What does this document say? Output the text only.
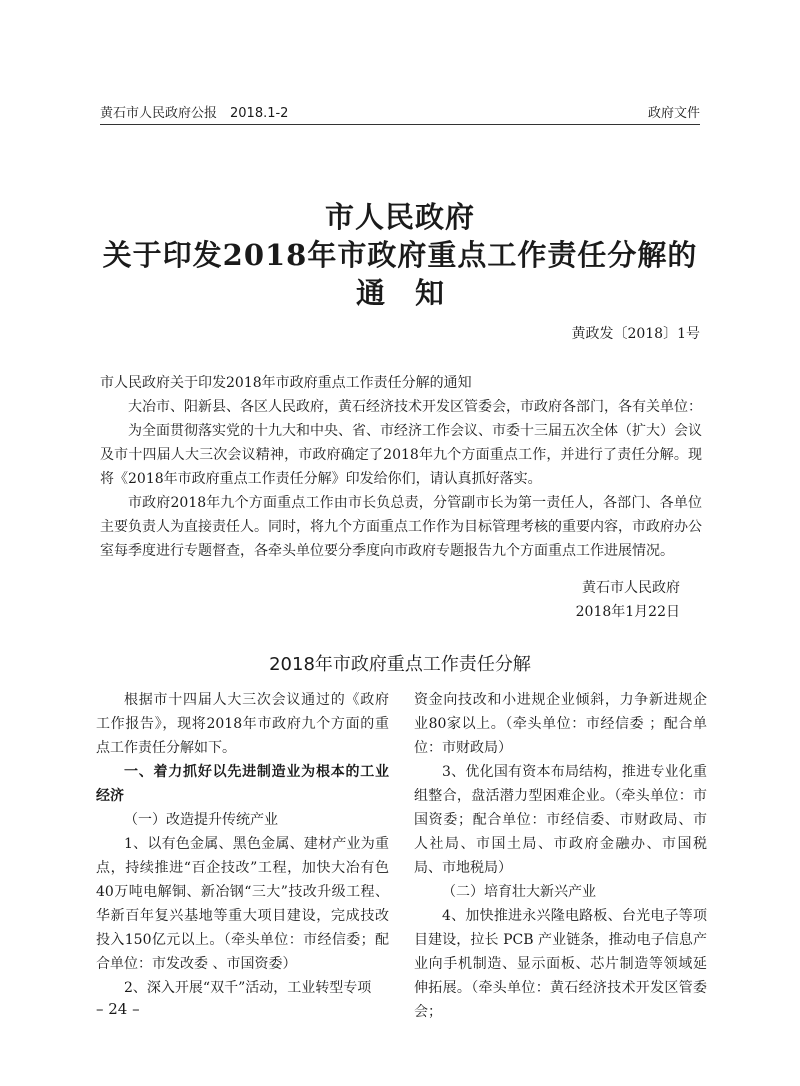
黄石市人民政府公报　2018.1-2	政府文件
市人民政府
关于印发2018年市政府重点工作责任分解的
通知
黄政发〔2018〕1号

市人民政府关于印发2018年市政府重点工作责任分解的通知

大冶市、阳新县、各区人民政府，黄石经济技术开发区管委会，市政府各部门，各有关单位：

为全面贯彻落实党的十九大和中央、省、市经济工作会议、市委十三届五次全体（扩大）会议及市十四届人大三次会议精神，市政府确定了2018年九个方面重点工作，并进行了责任分解。现将《2018年市政府重点工作责任分解》印发给你们，请认真抓好落实。

市政府2018年九个方面重点工作由市长负总责，分管副市长为第一责任人，各部门、各单位主要负责人为直接责任人。同时，将九个方面重点工作作为目标管理考核的重要内容，市政府办公室每季度进行专题督查，各牵头单位要分季度向市政府专题报告九个方面重点工作进展情况。

黄石市人民政府
2018年1月22日
2018年市政府重点工作责任分解

根据市十四届人大三次会议通过的《政府工作报告》，现将2018年市政府九个方面的重点工作责任分解如下。

一、着力抓好以先进制造业为根本的工业经济

（一）改造提升传统产业

1、以有色金属、黑色金属、建材产业为重点，持续推进“百企技改”工程，加快大冶有色40万吨电解铜、新冶钢“三大”技改升级工程、华新百年复兴基地等重大项目建设，完成技改投入150亿元以上。（牵头单位：市经信委；配合单位：市发改委 、市国资委）

2、深入开展“双千”活动，工业转型专项

资金向技改和小进规企业倾斜，力争新进规企业80家以上。（牵头单位：市经信委 ；配合单位：市财政局）

3、优化国有资本布局结构，推进专业化重组整合，盘活潜力型困难企业。（牵头单位：市国资委；配合单位：市经信委、市财政局、市人社局、市国土局、市政府金融办、市国税局、市地税局）

（二）培育壮大新兴产业

4、加快推进永兴隆电路板、台光电子等项目建设，拉长 PCB 产业链条，推动电子信息产业向手机制造、显示面板、芯片制造等领域延伸拓展。（牵头单位：黄石经济技术开发区管委会；

– 24 –
